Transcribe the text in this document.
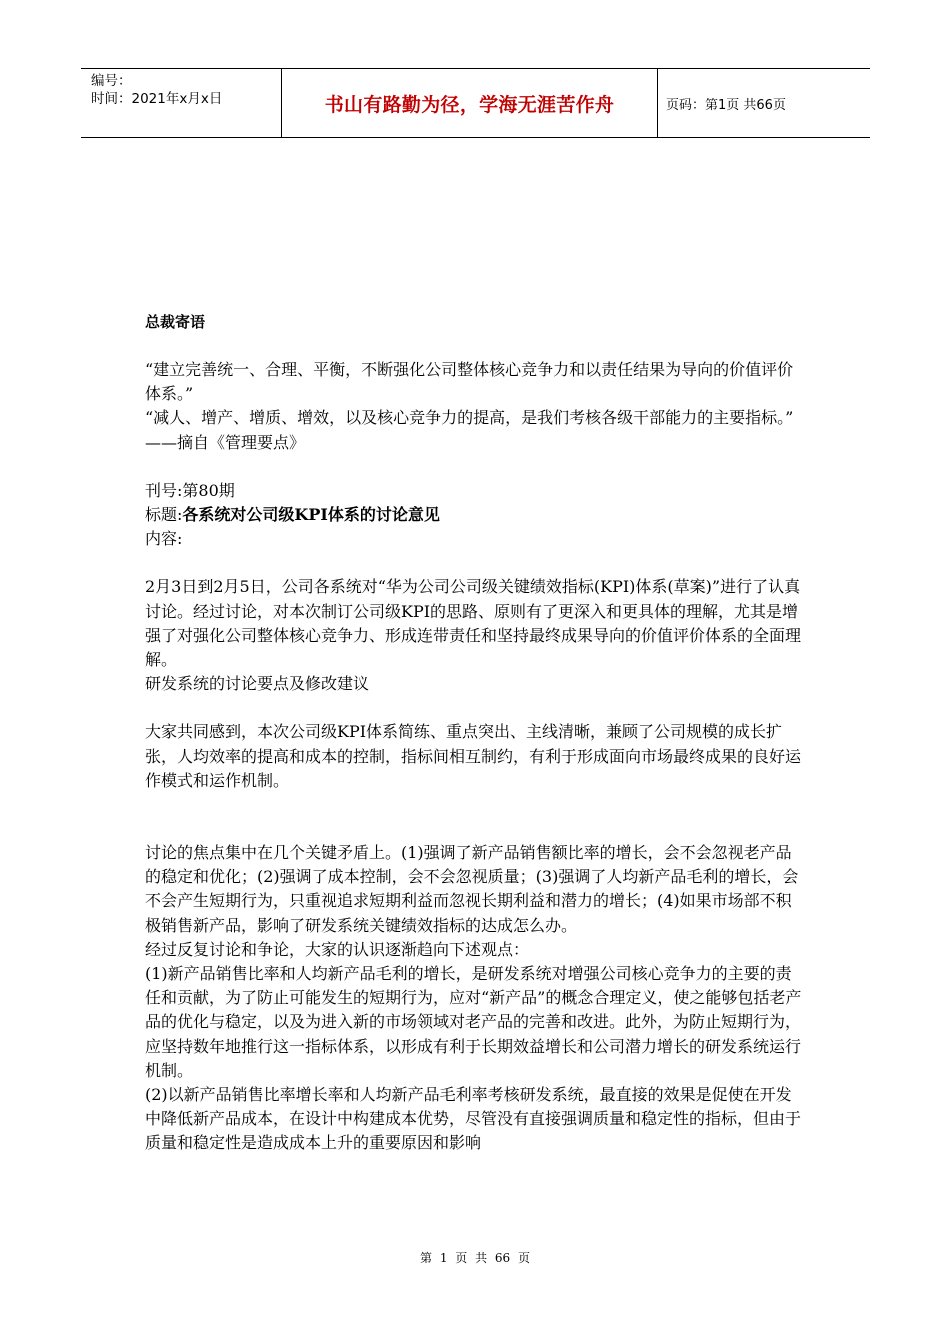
编号：
时间：2021年x月x日	书山有路勤为径，学海无涯苦作舟	页码：第1页 共66页

总裁寄语

“建立完善统一、合理、平衡，不断强化公司整体核心竞争力和以责任结果为导向的价值评价体系。”

“减人、增产、增质、增效，以及核心竞争力的提高，是我们考核各级干部能力的主要指标。”

——摘自《管理要点》

刊号:第80期

标题:各系统对公司级KPI体系的讨论意见

内容:

2月3日到2月5日，公司各系统对“华为公司公司级关键绩效指标(KPI)体系(草案)”进行了认真讨论。经过讨论，对本次制订公司级KPI的思路、原则有了更深入和更具体的理解，尤其是增强了对强化公司整体核心竞争力、形成连带责任和坚持最终成果导向的价值评价体系的全面理解。

研发系统的讨论要点及修改建议

大家共同感到，本次公司级KPI体系简练、重点突出、主线清晰，兼顾了公司规模的成长扩张，人均效率的提高和成本的控制，指标间相互制约，有利于形成面向市场最终成果的良好运作模式和运作机制。

讨论的焦点集中在几个关键矛盾上。(1)强调了新产品销售额比率的增长，会不会忽视老产品的稳定和优化；(2)强调了成本控制，会不会忽视质量；(3)强调了人均新产品毛利的增长，会不会产生短期行为，只重视追求短期利益而忽视长期利益和潜力的增长；(4)如果市场部不积极销售新产品，影响了研发系统关键绩效指标的达成怎么办。

经过反复讨论和争论，大家的认识逐渐趋向下述观点：

(1)新产品销售比率和人均新产品毛利的增长，是研发系统对增强公司核心竞争力的主要的责任和贡献，为了防止可能发生的短期行为，应对“新产品”的概念合理定义，使之能够包括老产品的优化与稳定，以及为进入新的市场领域对老产品的完善和改进。此外，为防止短期行为，应坚持数年地推行这一指标体系，以形成有利于长期效益增长和公司潜力增长的研发系统运行机制。

(2)以新产品销售比率增长率和人均新产品毛利率考核研发系统，最直接的效果是促使在开发中降低新产品成本，在设计中构建成本优势，尽管没有直接强调质量和稳定性的指标，但由于质量和稳定性是造成成本上升的重要原因和影响

第 1 页 共 66 页
